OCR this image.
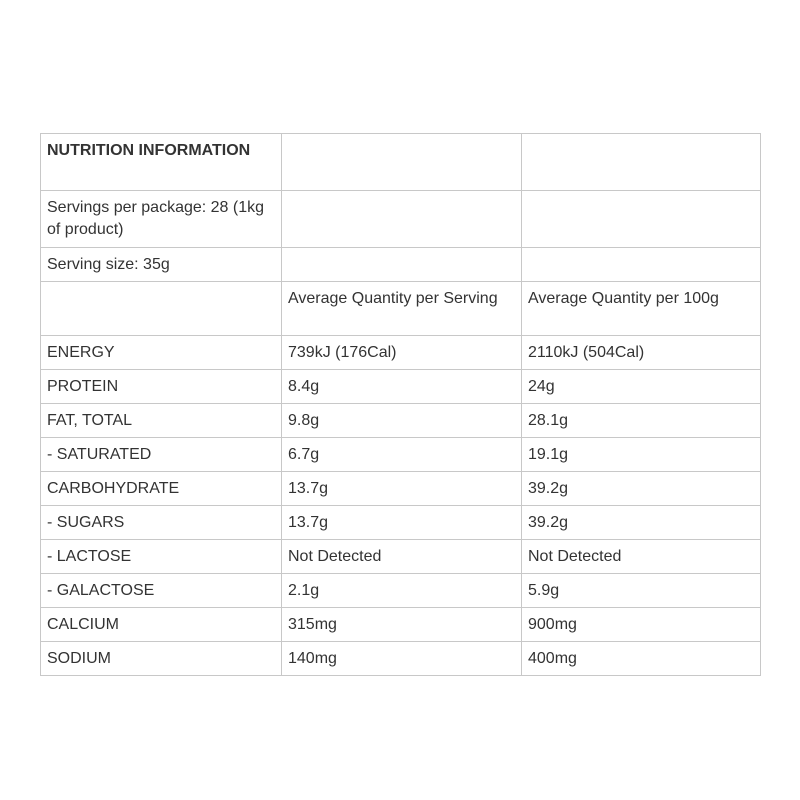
NUTRITION INFORMATION		

Servings per package: 28 (1kg of product)		
Serving size: 35g		
	Average Quantity per Serving	Average Quantity per 100g
ENERGY	739kJ (176Cal)	2110kJ (504Cal)
PROTEIN	8.4g	24g
FAT, TOTAL	9.8g	28.1g
- SATURATED	6.7g	19.1g
CARBOHYDRATE	13.7g	39.2g
- SUGARS	13.7g	39.2g
- LACTOSE	Not Detected	Not Detected
- GALACTOSE	2.1g	5.9g
CALCIUM	315mg	900mg
SODIUM	140mg	400mg
